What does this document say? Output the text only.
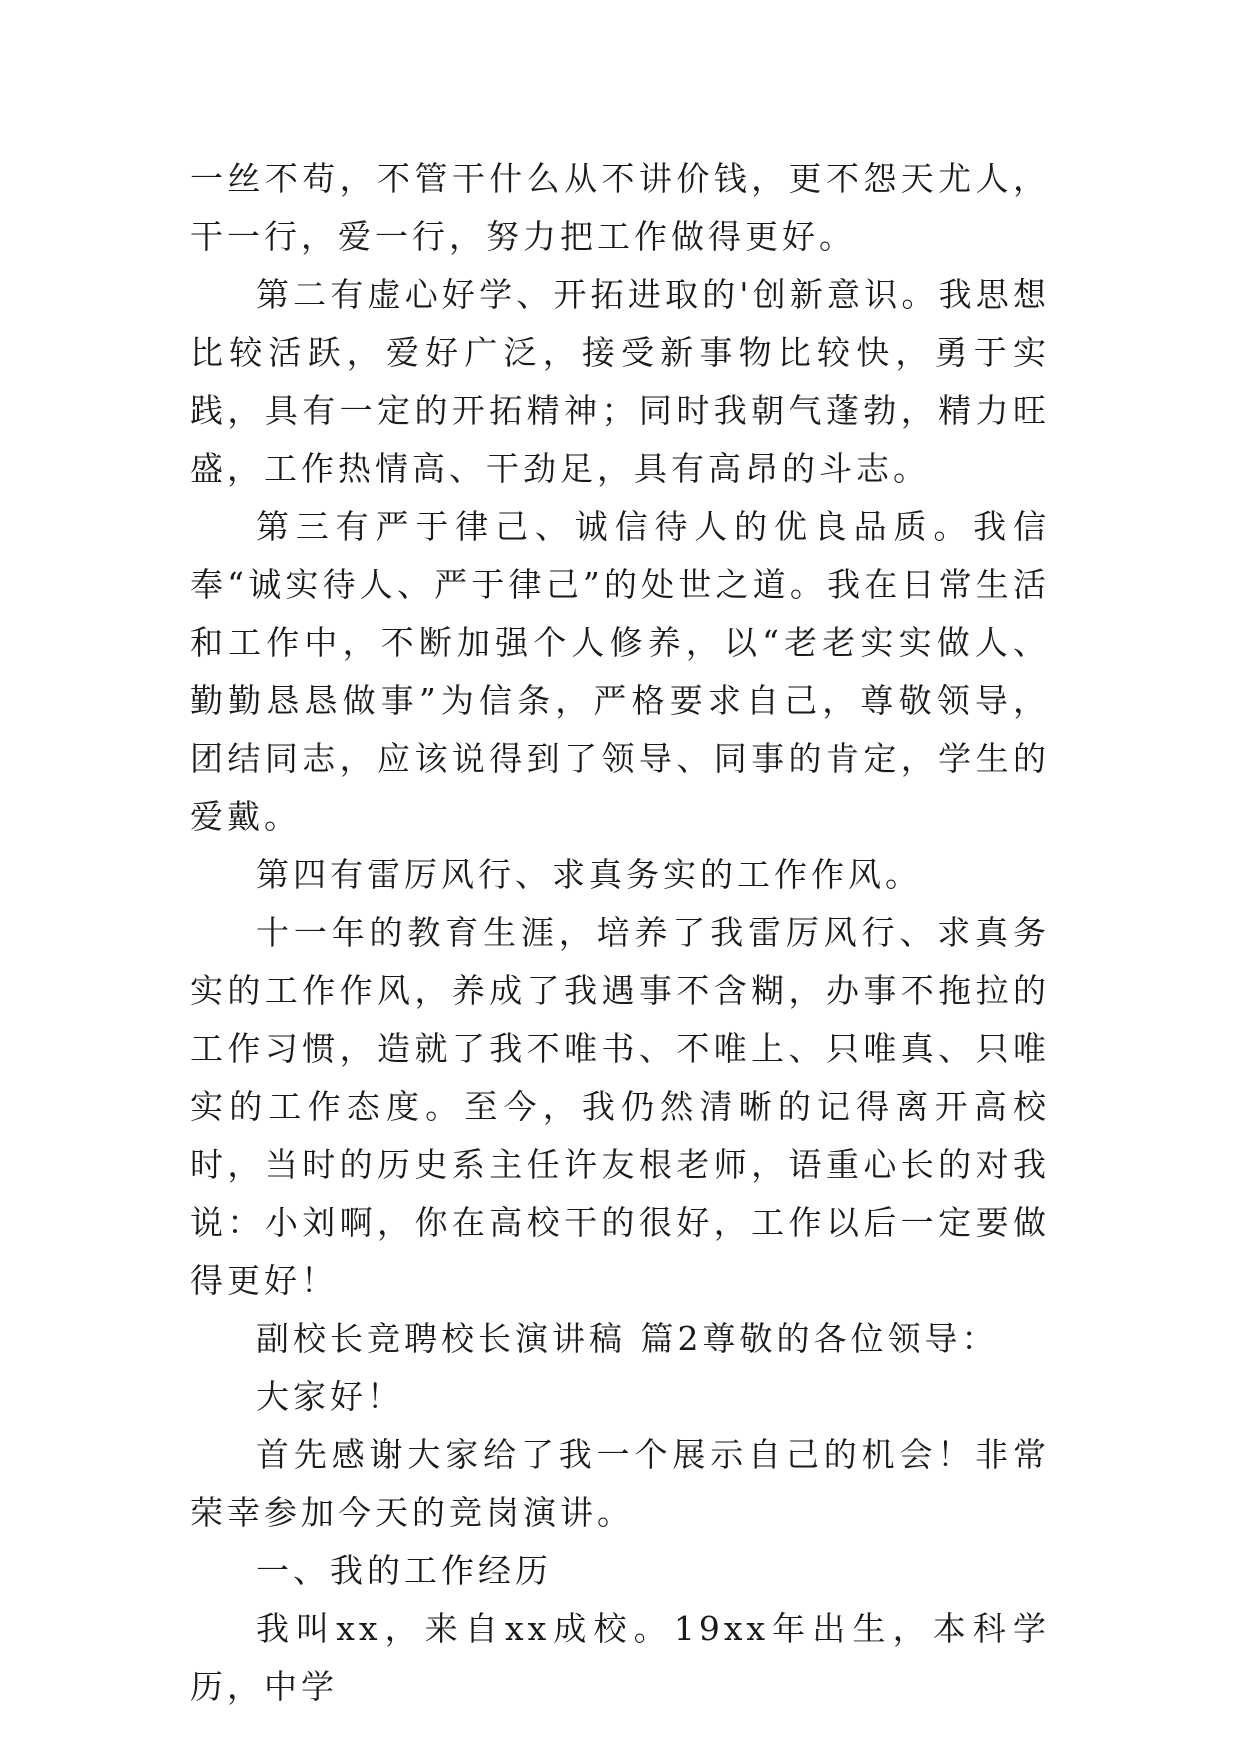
一丝不苟，不管干什么从不讲价钱，更不怨天尤人，干一行，爱一行，努力把工作做得更好。

第二有虚心好学、开拓进取的'创新意识。我思想比较活跃，爱好广泛，接受新事物比较快，勇于实践，具有一定的开拓精神；同时我朝气蓬勃，精力旺盛，工作热情高、干劲足，具有高昂的斗志。

第三有严于律己、诚信待人的优良品质。我信奉“诚实待人、严于律己”的处世之道。我在日常生活和工作中，不断加强个人修养，以“老老实实做人、勤勤恳恳做事”为信条，严格要求自己，尊敬领导，团结同志，应该说得到了领导、同事的肯定，学生的爱戴。

第四有雷厉风行、求真务实的工作作风。

十一年的教育生涯，培养了我雷厉风行、求真务实的工作作风，养成了我遇事不含糊，办事不拖拉的工作习惯，造就了我不唯书、不唯上、只唯真、只唯实的工作态度。至今，我仍然清晰的记得离开高校时，当时的历史系主任许友根老师，语重心长的对我说：小刘啊，你在高校干的很好，工作以后一定要做得更好！

副校长竞聘校长演讲稿 篇2尊敬的各位领导：

大家好！

首先感谢大家给了我一个展示自己的机会！非常荣幸参加今天的竞岗演讲。

一、我的工作经历

我叫xx，来自xx成校。19xx年出生，本科学历，中学
